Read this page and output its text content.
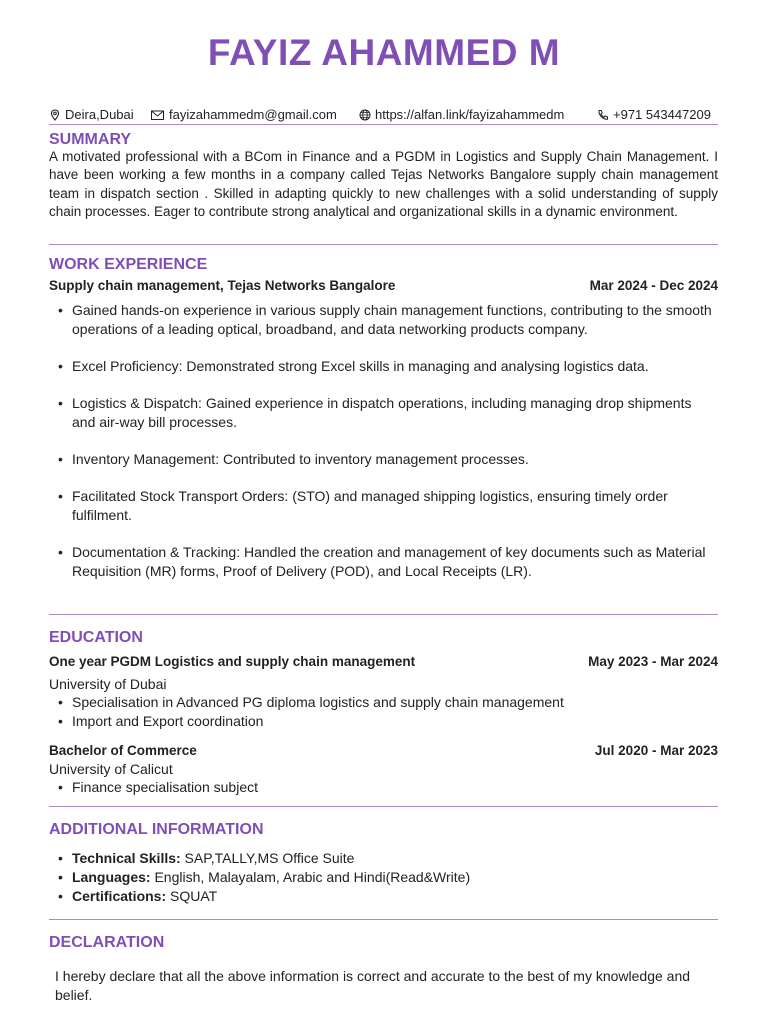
FAYIZ AHAMMED M
Deira,Dubai	fayizahammedm@gmail.com	https://alfan.link/fayizahammedm	+971 543447209
SUMMARY
A motivated professional with a BCom in Finance and a PGDM in Logistics and Supply Chain Management. I have been working a few months in a company called Tejas Networks Bangalore supply chain management team in dispatch section . Skilled in adapting quickly to new challenges with a solid understanding of supply chain processes. Eager to contribute strong analytical and organizational skills in a dynamic environment.
WORK EXPERIENCE
Supply chain management, Tejas Networks Bangalore	Mar 2024 - Dec 2024
• Gained hands-on experience in various supply chain management functions, contributing to the smooth operations of a leading optical, broadband, and data networking products company.
• Excel Proficiency: Demonstrated strong Excel skills in managing and analysing logistics data.
• Logistics & Dispatch: Gained experience in dispatch operations, including managing drop shipments and air-way bill processes.
• Inventory Management: Contributed to inventory management processes.
• Facilitated Stock Transport Orders: (STO) and managed shipping logistics, ensuring timely order fulfilment.
• Documentation & Tracking: Handled the creation and management of key documents such as Material Requisition (MR) forms, Proof of Delivery (POD), and Local Receipts (LR).
EDUCATION
One year PGDM Logistics and supply chain management	May 2023 - Mar 2024
University of Dubai
• Specialisation in Advanced PG diploma logistics and supply chain management
• Import and Export coordination
Bachelor of Commerce	Jul 2020 - Mar 2023
University of Calicut
• Finance specialisation subject
ADDITIONAL INFORMATION
• Technical Skills: SAP,TALLY,MS Office Suite
• Languages: English, Malayalam, Arabic and Hindi(Read&Write)
• Certifications: SQUAT
DECLARATION
I hereby declare that all the above information is correct and accurate to the best of my knowledge and belief.
